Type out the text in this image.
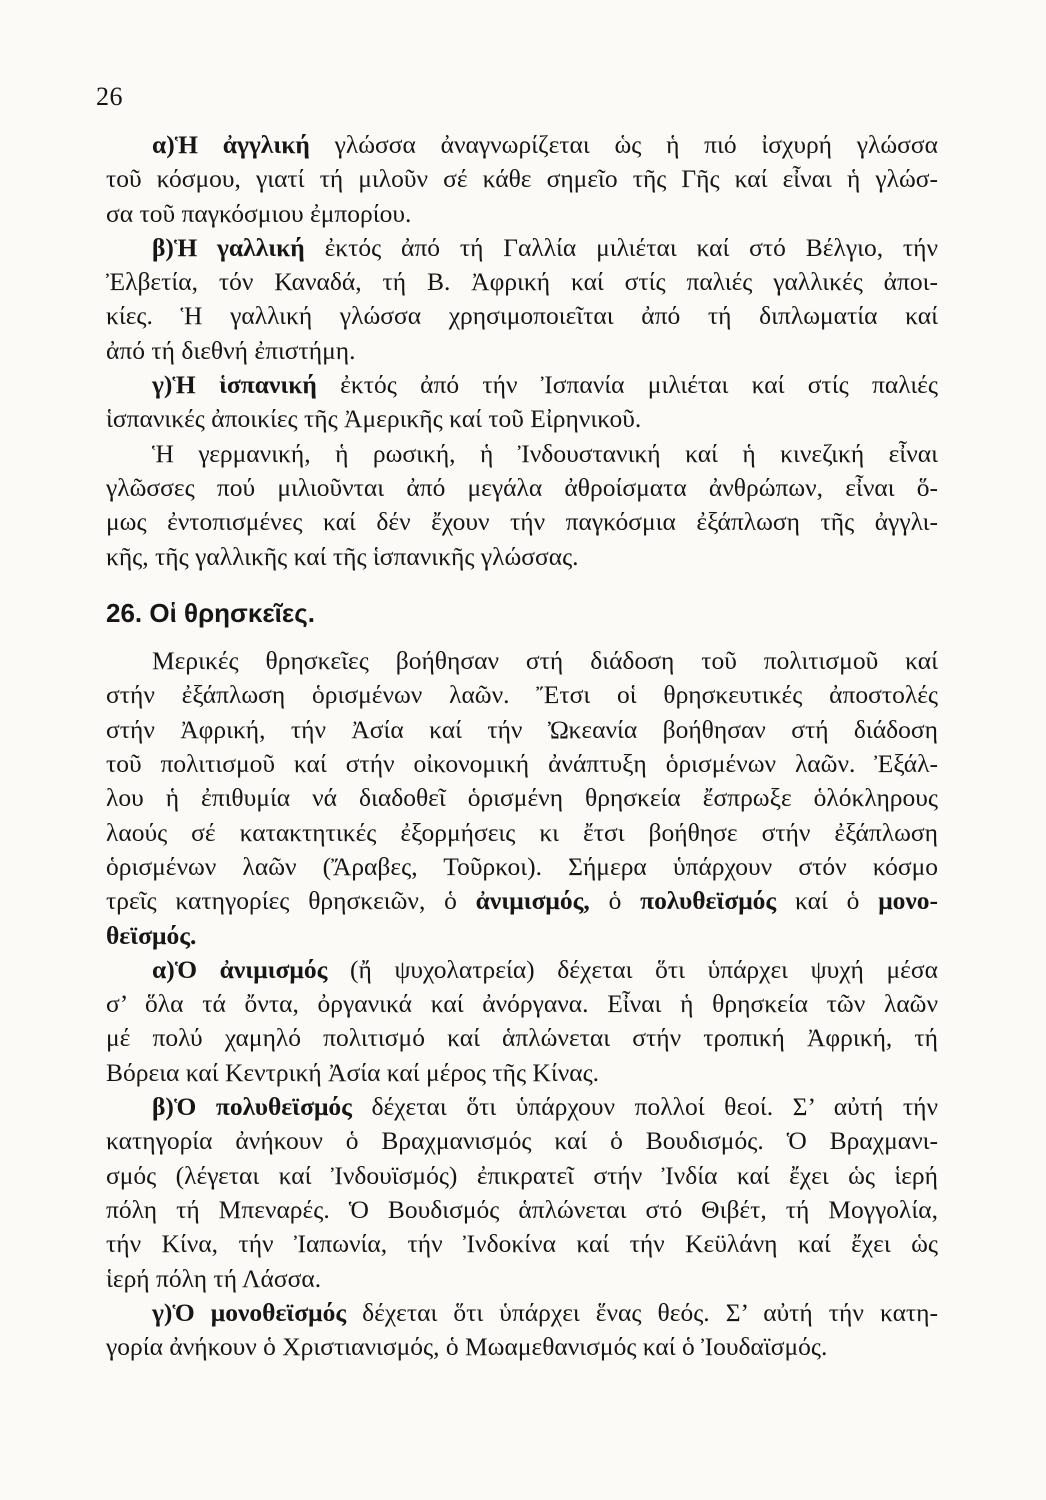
26
α)Ἡ ἀγγλική γλώσσα ἀναγνωρίζεται ὡς ἡ πιό ἰσχυρή γλώσσα
τοῦ κόσμου, γιατί τή μιλοῦν σέ κάθε σημεῖο τῆς Γῆς καί εἶναι ἡ γλώσ-
σα τοῦ παγκόσμιου ἐμπορίου.
β)Ἡ γαλλική ἐκτός ἀπό τή Γαλλία μιλιέται καί στό Βέλγιο, τήν
Ἐλβετία, τόν Καναδά, τή Β. Ἀφρική καί στίς παλιές γαλλικές ἀποι-
κίες. Ἡ γαλλική γλώσσα χρησιμοποιεῖται ἀπό τή διπλωματία καί
ἀπό τή διεθνή ἐπιστήμη.
γ)Ἡ ἱσπανική ἐκτός ἀπό τήν Ἰσπανία μιλιέται καί στίς παλιές
ἱσπανικές ἀποικίες τῆς Ἀμερικῆς καί τοῦ Εἰρηνικοῦ.
Ἡ γερμανική, ἡ ρωσική, ἡ Ἰνδουστανική καί ἡ κινεζική εἶναι
γλῶσσες πού μιλιοῦνται ἀπό μεγάλα ἀθροίσματα ἀνθρώπων, εἶναι ὅ-
μως ἐντοπισμένες καί δέν ἔχουν τήν παγκόσμια ἐξάπλωση τῆς ἀγγλι-
κῆς, τῆς γαλλικῆς καί τῆς ἱσπανικῆς γλώσσας.
26. Οἱ θρησκεῖες.
Μερικές θρησκεῖες βοήθησαν στή διάδοση τοῦ πολιτισμοῦ καί
στήν ἐξάπλωση ὁρισμένων λαῶν. Ἔτσι οἱ θρησκευτικές ἀποστολές
στήν Ἀφρική, τήν Ἀσία καί τήν Ὠκεανία βοήθησαν στή διάδοση
τοῦ πολιτισμοῦ καί στήν οἰκονομική ἀνάπτυξη ὁρισμένων λαῶν. Ἐξάλ-
λου ἡ ἐπιθυμία νά διαδοθεῖ ὁρισμένη θρησκεία ἔσπρωξε ὁλόκληρους
λαούς σέ κατακτητικές ἐξορμήσεις κι ἔτσι βοήθησε στήν ἐξάπλωση
ὁρισμένων λαῶν (Ἄραβες, Τοῦρκοι). Σήμερα ὑπάρχουν στόν κόσμο
τρεῖς κατηγορίες θρησκειῶν, ὁ ἀνιμισμός, ὁ πολυθεϊσμός καί ὁ μονο-
θεϊσμός.
α)Ὁ ἀνιμισμός (ἤ ψυχολατρεία) δέχεται ὅτι ὑπάρχει ψυχή μέσα
σ’ ὅλα τά ὄντα, ὀργανικά καί ἀνόργανα. Εἶναι ἡ θρησκεία τῶν λαῶν
μέ πολύ χαμηλό πολιτισμό καί ἁπλώνεται στήν τροπική Ἀφρική, τή
Βόρεια καί Κεντρική Ἀσία καί μέρος τῆς Κίνας.
β)Ὁ πολυθεϊσμός δέχεται ὅτι ὑπάρχουν πολλοί θεοί. Σ’ αὐτή τήν
κατηγορία ἀνήκουν ὁ Βραχμανισμός καί ὁ Βουδισμός. Ὁ Βραχμανι-
σμός (λέγεται καί Ἰνδουϊσμός) ἐπικρατεῖ στήν Ἰνδία καί ἔχει ὡς ἱερή
πόλη τή Μπεναρές. Ὁ Βουδισμός ἁπλώνεται στό Θιβέτ, τή Μογγολία,
τήν Κίνα, τήν Ἰαπωνία, τήν Ἰνδοκίνα καί τήν Κεϋλάνη καί ἔχει ὡς
ἱερή πόλη τή Λάσσα.
γ)Ὁ μονοθεϊσμός δέχεται ὅτι ὑπάρχει ἕνας θεός. Σ’ αὐτή τήν κατη-
γορία ἀνήκουν ὁ Χριστιανισμός, ὁ Μωαμεθανισμός καί ὁ Ἰουδαϊσμός.
